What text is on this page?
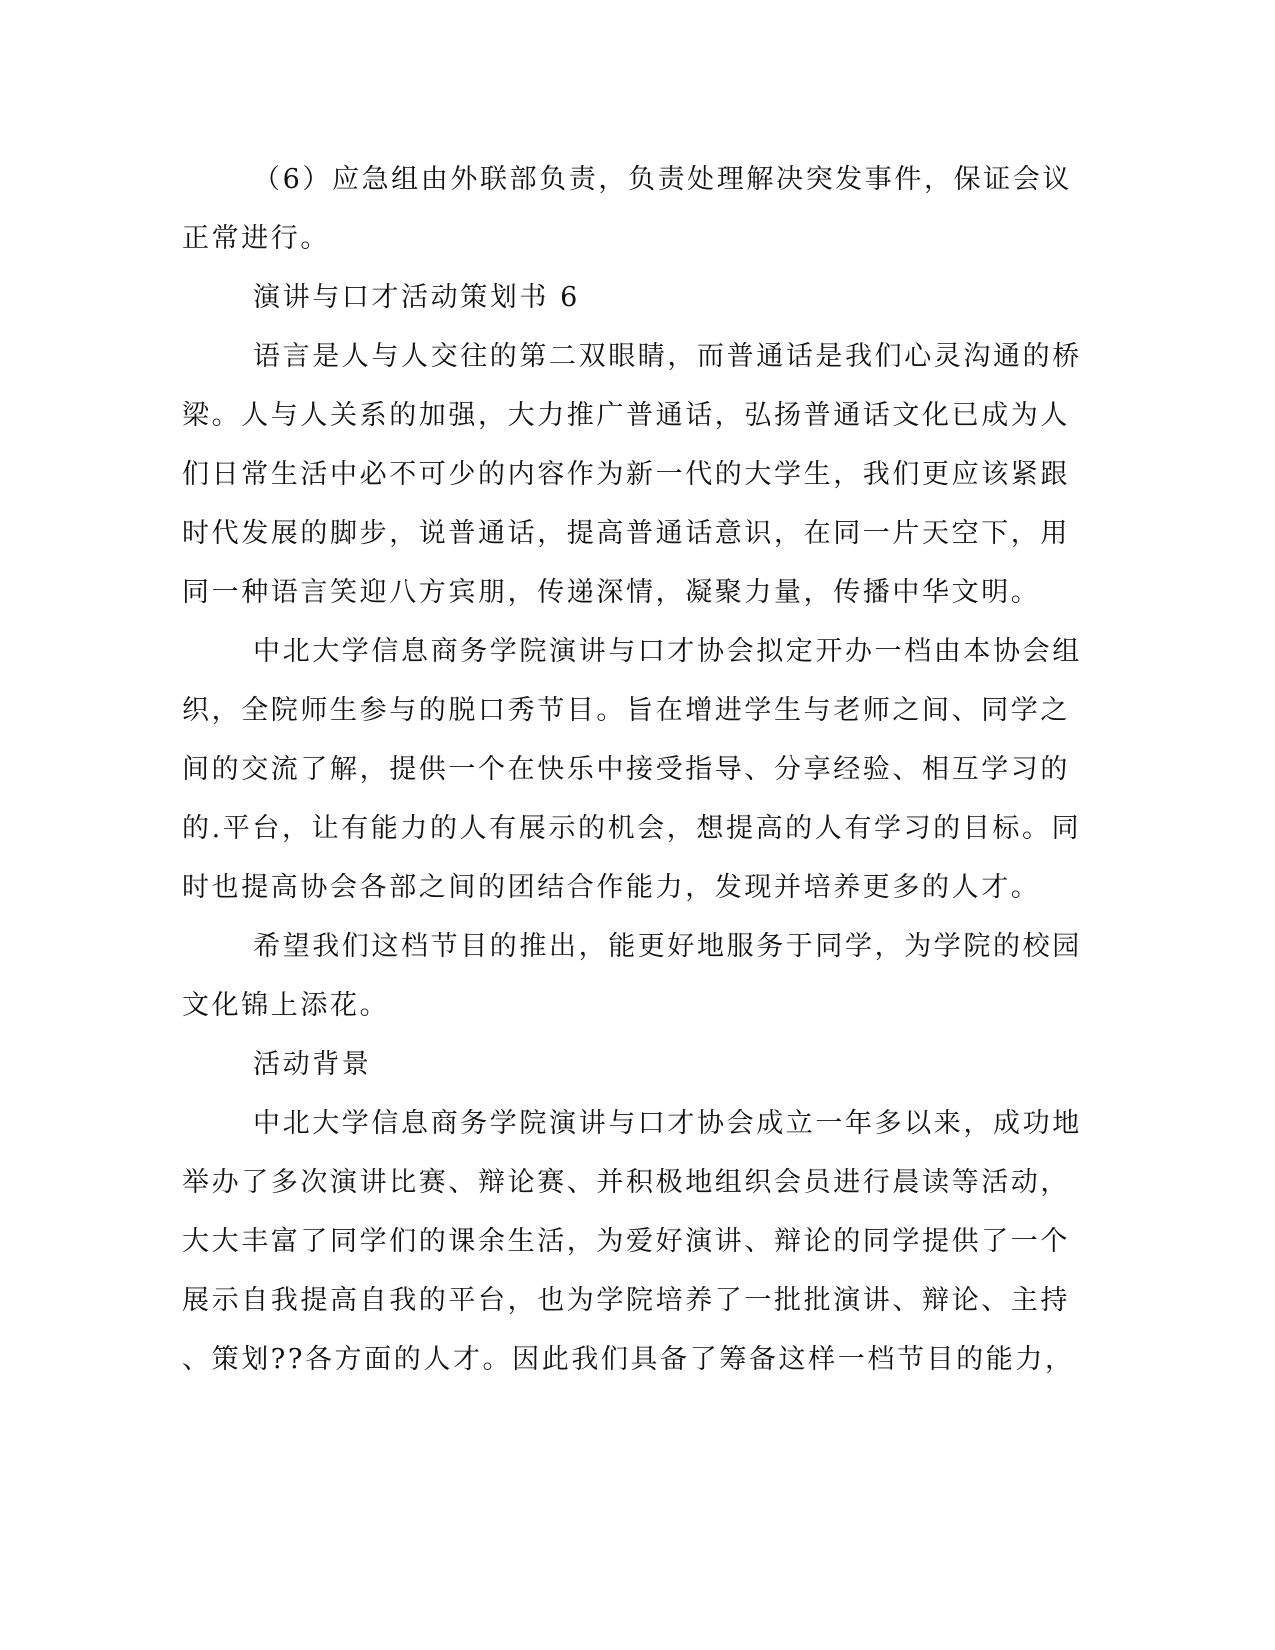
（6）应急组由外联部负责，负责处理解决突发事件，保证会议
正常进行。
演讲与口才活动策划书 6
语言是人与人交往的第二双眼睛，而普通话是我们心灵沟通的桥
梁。人与人关系的加强，大力推广普通话，弘扬普通话文化已成为人
们日常生活中必不可少的内容作为新一代的大学生，我们更应该紧跟
时代发展的脚步，说普通话，提高普通话意识，在同一片天空下，用
同一种语言笑迎八方宾朋，传递深情，凝聚力量，传播中华文明。
中北大学信息商务学院演讲与口才协会拟定开办一档由本协会组
织，全院师生参与的脱口秀节目。旨在增进学生与老师之间、同学之
间的交流了解，提供一个在快乐中接受指导、分享经验、相互学习的
的.平台，让有能力的人有展示的机会，想提高的人有学习的目标。同
时也提高协会各部之间的团结合作能力，发现并培养更多的人才。
希望我们这档节目的推出，能更好地服务于同学，为学院的校园
文化锦上添花。
活动背景
中北大学信息商务学院演讲与口才协会成立一年多以来，成功地
举办了多次演讲比赛、辩论赛、并积极地组织会员进行晨读等活动，
大大丰富了同学们的课余生活，为爱好演讲、辩论的同学提供了一个
展示自我提高自我的平台，也为学院培养了一批批演讲、辩论、主持
、策划??各方面的人才。因此我们具备了筹备这样一档节目的能力，
